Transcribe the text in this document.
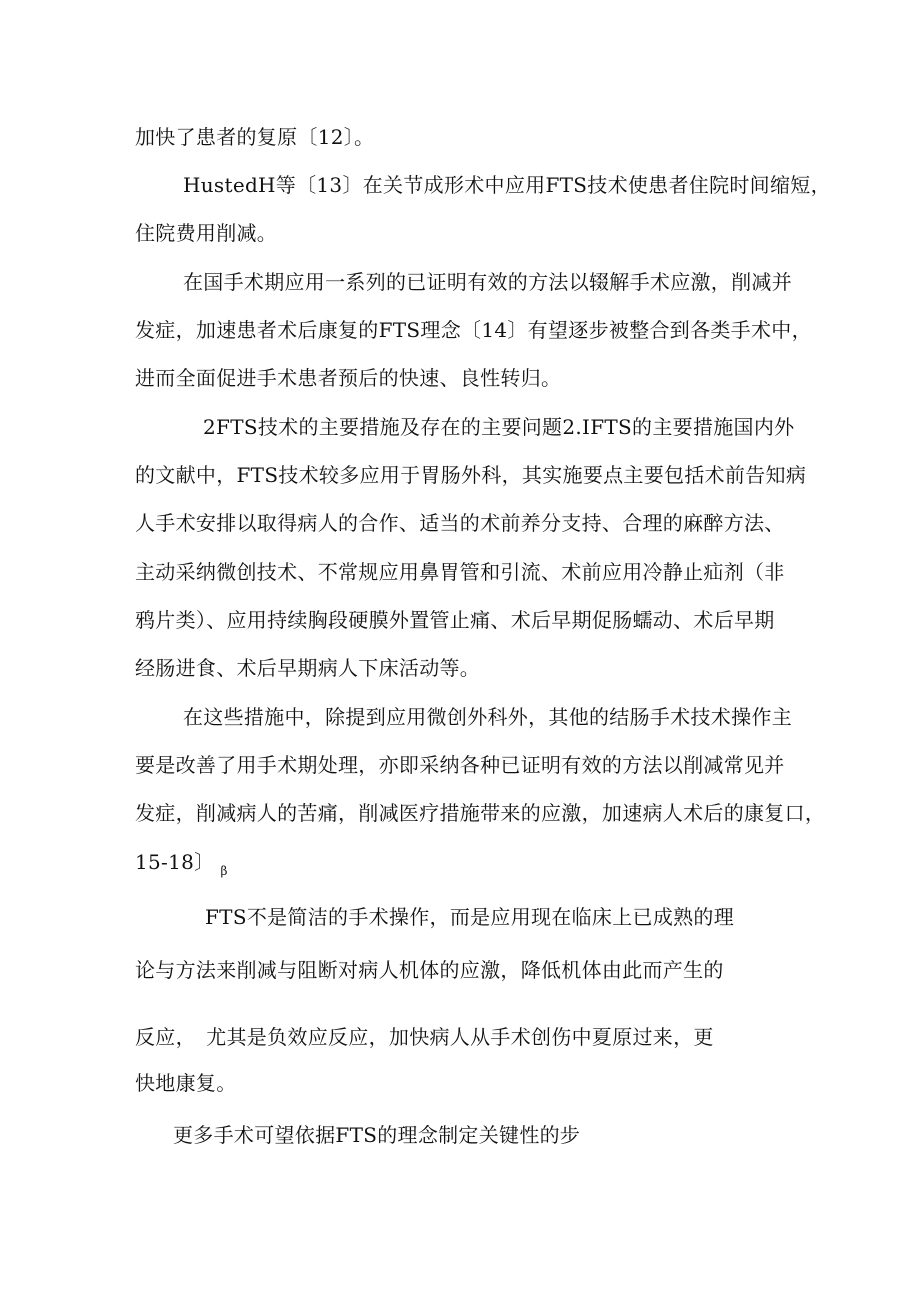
加快了患者的复原〔12〕。
HustedH等〔13〕在关节成形术中应用FTS技术使患者住院时间缩短，
住院费用削减。
在国手术期应用一系列的已证明有效的方法以辍解手术应激，削减并
发症，加速患者术后康复的FTS理念〔14〕有望逐步被整合到各类手术中，
进而全面促进手术患者预后的快速、良性转归。
2FTS技术的主要措施及存在的主要问题2.IFTS的主要措施国内外
的文献中，FTS技术较多应用于胃肠外科，其实施要点主要包括术前告知病
人手术安排以取得病人的合作、适当的术前养分支持、合理的麻醉方法、
主动采纳微创技术、不常规应用鼻胃管和引流、术前应用冷静止疝剂（非
鸦片类）、应用持续胸段硬膜外置管止痛、术后早期促肠蠕动、术后早期
经肠进食、术后早期病人下床活动等。
在这些措施中，除提到应用微创外科外，其他的结肠手术技术操作主
要是改善了用手术期处理，亦即采纳各种已证明有效的方法以削减常见并
发症，削减病人的苦痛，削减医疗措施带来的应激，加速病人术后的康复口，
15-18〕 $_\beta$
FTS不是简洁的手术操作，而是应用现在临床上已成熟的理
论与方法来削减与阻断对病人机体的应激，降低机体由此而产生的
反应，　尤其是负效应反应，加快病人从手术创伤中夏原过来，更
快地康复。
更多手术可望依据FTS的理念制定关键性的步
